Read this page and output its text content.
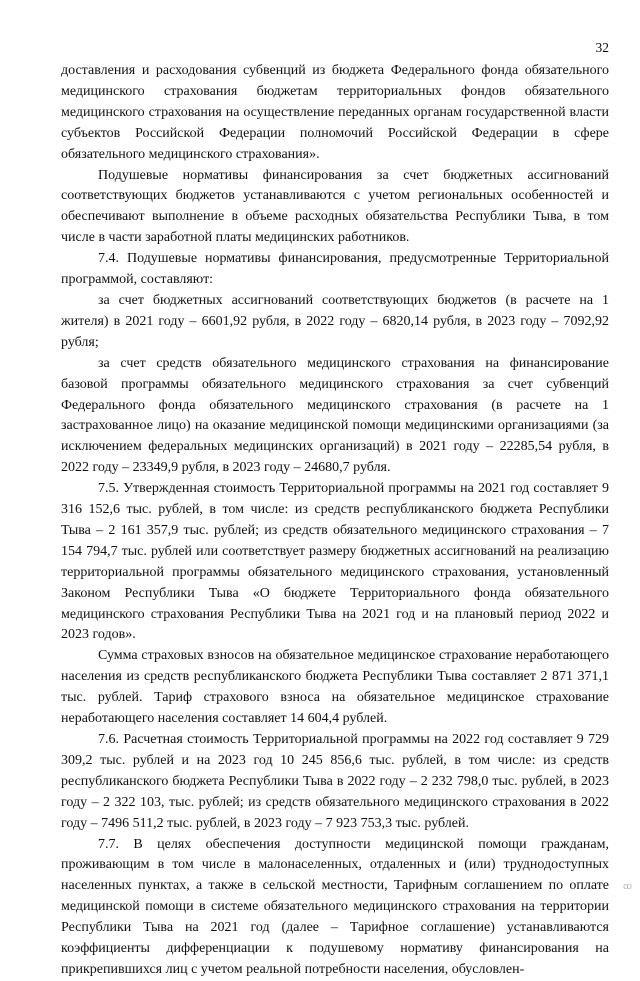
32

доставления и расходования субвенций из бюджета Федерального фонда обязательного медицинского страхования бюджетам территориальных фондов обязательного медицинского страхования на осуществление переданных органам государственной власти субъектов Российской Федерации полномочий Российской Федерации в сфере обязательного медицинского страхования».

Подушевые нормативы финансирования за счет бюджетных ассигнований соответствующих бюджетов устанавливаются с учетом региональных особенностей и обеспечивают выполнение в объеме расходных обязательства Республики Тыва, в том числе в части заработной платы медицинских работников.

7.4. Подушевые нормативы финансирования, предусмотренные Территориальной программой, составляют:

за счет бюджетных ассигнований соответствующих бюджетов (в расчете на 1 жителя) в 2021 году – 6601,92 рубля, в 2022 году – 6820,14 рубля, в 2023 году – 7092,92 рубля;

за счет средств обязательного медицинского страхования на финансирование базовой программы обязательного медицинского страхования за счет субвенций Федерального фонда обязательного медицинского страхования (в расчете на 1 застрахованное лицо) на оказание медицинской помощи медицинскими организациями (за исключением федеральных медицинских организаций) в 2021 году – 22285,54 рубля, в 2022 году – 23349,9 рубля, в 2023 году – 24680,7 рубля.

7.5. Утвержденная стоимость Территориальной программы на 2021 год составляет 9 316 152,6 тыс. рублей, в том числе: из средств республиканского бюджета Республики Тыва – 2 161 357,9 тыс. рублей; из средств обязательного медицинского страхования – 7 154 794,7 тыс. рублей или соответствует размеру бюджетных ассигнований на реализацию территориальной программы обязательного медицинского страхования, установленный Законом Республики Тыва «О бюджете Территориального фонда обязательного медицинского страхования Республики Тыва на 2021 год и на плановый период 2022 и 2023 годов».

Сумма страховых взносов на обязательное медицинское страхование неработающего населения из средств республиканского бюджета Республики Тыва составляет 2 871 371,1 тыс. рублей. Тариф страхового взноса на обязательное медицинское страхование неработающего населения составляет 14 604,4 рублей.

7.6. Расчетная стоимость Территориальной программы на 2022 год составляет 9 729 309,2 тыс. рублей и на 2023 год 10 245 856,6 тыс. рублей, в том числе: из средств республиканского бюджета Республики Тыва в 2022 году – 2 232 798,0 тыс. рублей, в 2023 году – 2 322 103, тыс. рублей; из средств обязательного медицинского страхования в 2022 году – 7496 511,2 тыс. рублей, в 2023 году – 7 923 753,3 тыс. рублей.

7.7. В целях обеспечения доступности медицинской помощи гражданам, проживающим в том числе в малонаселенных, отдаленных и (или) труднодоступных населенных пунктах, а также в сельской местности, Тарифным соглашением по оплате медицинской помощи в системе обязательного медицинского страхования на территории Республики Тыва на 2021 год (далее – Тарифное соглашение) устанавливаются коэффициенты дифференциации к подушевому нормативу финансирования на прикрепившихся лиц с учетом реальной потребности населения, обусловлен-

ꝏ
